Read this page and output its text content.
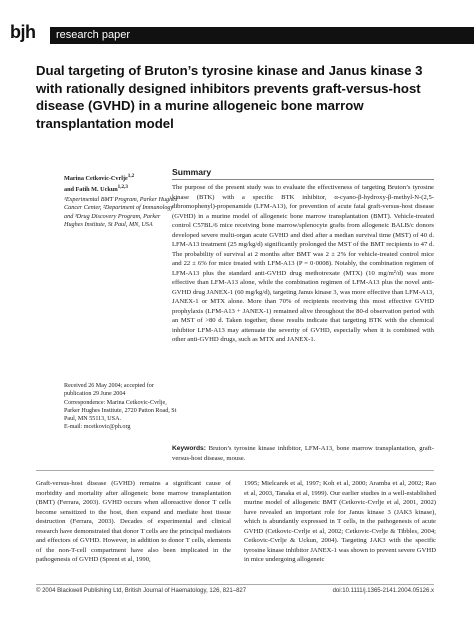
bjh research paper
Dual targeting of Bruton’s tyrosine kinase and Janus kinase 3 with rationally designed inhibitors prevents graft-versus-host disease (GVHD) in a murine allogeneic bone marrow transplantation model
Marina Cetkovic-Cvrlje$^{1,2}$
and Fatih M. Uckun$^{1,2,3}$
¹Experimental BMT Program, Parker Hughes Cancer Center, ²Department of Immunology and ³Drug Discovery Program, Parker Hughes Institute, St Paul, MN, USA
Received 26 May 2004; accepted for publication 29 June 2004
Correspondence: Marina Cetkovic-Cvrlje, Parker Hughes Institute, 2720 Patton Road, St Paul, MN 55113, USA.
E-mail: mcetkovic@ph.org
Summary
The purpose of the present study was to evaluate the effectiveness of targeting Bruton’s tyrosine kinase (BTK) with a specific BTK inhibitor, α-cyano-β-hydroxy-β-methyl-N-(2,5-dibromophenyl)-propenamide (LFM-A13), for prevention of acute fatal graft-versus-host disease (GVHD) in a murine model of allogeneic bone marrow transplantation (BMT). Vehicle-treated control C57BL/6 mice receiving bone marrow/splenocyte grafts from allogeneic BALB/c donors developed severe multi-organ acute GVHD and died after a median survival time (MST) of 40 d. LFM-A13 treatment (25 mg/kg/d) significantly prolonged the MST of the BMT recipients to 47 d. The probability of survival at 2 months after BMT was 2 ± 2% for vehicle-treated control mice and 22 ± 6% for mice treated with LFM-A13 (P = 0·0008). Notably, the combination regimen of LFM-A13 plus the standard anti-GVHD drug methotrexate (MTX) (10 mg/m²/d) was more effective than LFM-A13 alone, while the combination regimen of LFM-A13 plus the novel anti-GVHD drug JANEX-1 (60 mg/kg/d), targeting Janus kinase 3, was more effective than LFM-A13, JANEX-1 or MTX alone. More than 70% of recipients receiving this most effective GVHD prophylaxis (LFM-A13 + JANEX-1) remained alive throughout the 80-d observation period with an MST of >80 d. Taken together, these results indicate that targeting BTK with the chemical inhibitor LFM-A13 may attenuate the severity of GVHD, especially when it is combined with other anti-GVHD drugs, such as MTX and JANEX-1.
Keywords: Bruton’s tyrosine kinase inhibitor, LFM-A13, bone marrow transplantation, graft-versus-host disease, mouse.
Graft-versus-host disease (GVHD) remains a significant cause of morbidity and mortality after allogeneic bone marrow transplantation (BMT) (Ferrara, 2003). GVHD occurs when alloreactive donor T cells become sensitized to the host, then expand and mediate host tissue destruction (Ferrara, 2003). Decades of experimental and clinical research have demonstrated that donor T cells are the principal mediators and effectors of GVHD. However, in addition to donor T cells, elements of the non-T-cell compartment have also been implicated in the pathogenesis of GVHD (Sprent et al, 1990,
1995; Mielcarek et al, 1997; Koh et al, 2000; Aramba et al, 2002; Rao et al, 2003, Tanaka et al, 1999). Our earlier studies in a well-established murine model of allogeneic BMT (Cetkovic-Cvrlje et al, 2001, 2002) have revealed an important role for Janus kinase 3 (JAK3 kinase), which is abundantly expressed in T cells, in the pathogenesis of acute GVHD (Cetkovic-Cvrlje et al, 2002; Cetkovic-Cvrlje & Tibbles, 2004; Cetkovic-Cvrlje & Uckun, 2004). Targeting JAK3 with the specific tyrosine kinase inhibitor JANEX-1 was shown to prevent severe GVHD in mice undergoing allogeneic
© 2004 Blackwell Publishing Ltd, British Journal of Haematology, 126, 821–827	doi:10.1111/j.1365-2141.2004.05126.x
